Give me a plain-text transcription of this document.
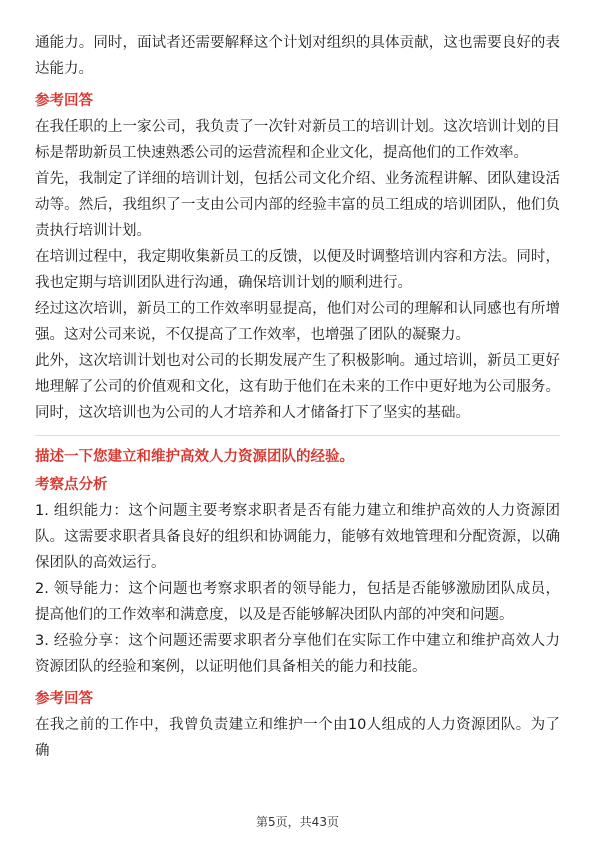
通能力。同时，面试者还需要解释这个计划对组织的具体贡献，这也需要良好的表达能力。

参考回答

在我任职的上一家公司，我负责了一次针对新员工的培训计划。这次培训计划的目标是帮助新员工快速熟悉公司的运营流程和企业文化，提高他们的工作效率。

首先，我制定了详细的培训计划，包括公司文化介绍、业务流程讲解、团队建设活动等。然后，我组织了一支由公司内部的经验丰富的员工组成的培训团队，他们负责执行培训计划。

在培训过程中，我定期收集新员工的反馈，以便及时调整培训内容和方法。同时，我也定期与培训团队进行沟通，确保培训计划的顺利进行。

经过这次培训，新员工的工作效率明显提高，他们对公司的理解和认同感也有所增强。这对公司来说，不仅提高了工作效率，也增强了团队的凝聚力。

此外，这次培训计划也对公司的长期发展产生了积极影响。通过培训，新员工更好地理解了公司的价值观和文化，这有助于他们在未来的工作中更好地为公司服务。同时，这次培训也为公司的人才培养和人才储备打下了坚实的基础。

描述一下您建立和维护高效人力资源团队的经验。
考察点分析

1. 组织能力：这个问题主要考察求职者是否有能力建立和维护高效的人力资源团队。这需要求职者具备良好的组织和协调能力，能够有效地管理和分配资源，以确保团队的高效运行。

2. 领导能力：这个问题也考察求职者的领导能力，包括是否能够激励团队成员，提高他们的工作效率和满意度，以及是否能够解决团队内部的冲突和问题。

3. 经验分享：这个问题还需要求职者分享他们在实际工作中建立和维护高效人力资源团队的经验和案例，以证明他们具备相关的能力和技能。

参考回答

在我之前的工作中，我曾负责建立和维护一个由10人组成的人力资源团队。为了确

第5页，共43页
